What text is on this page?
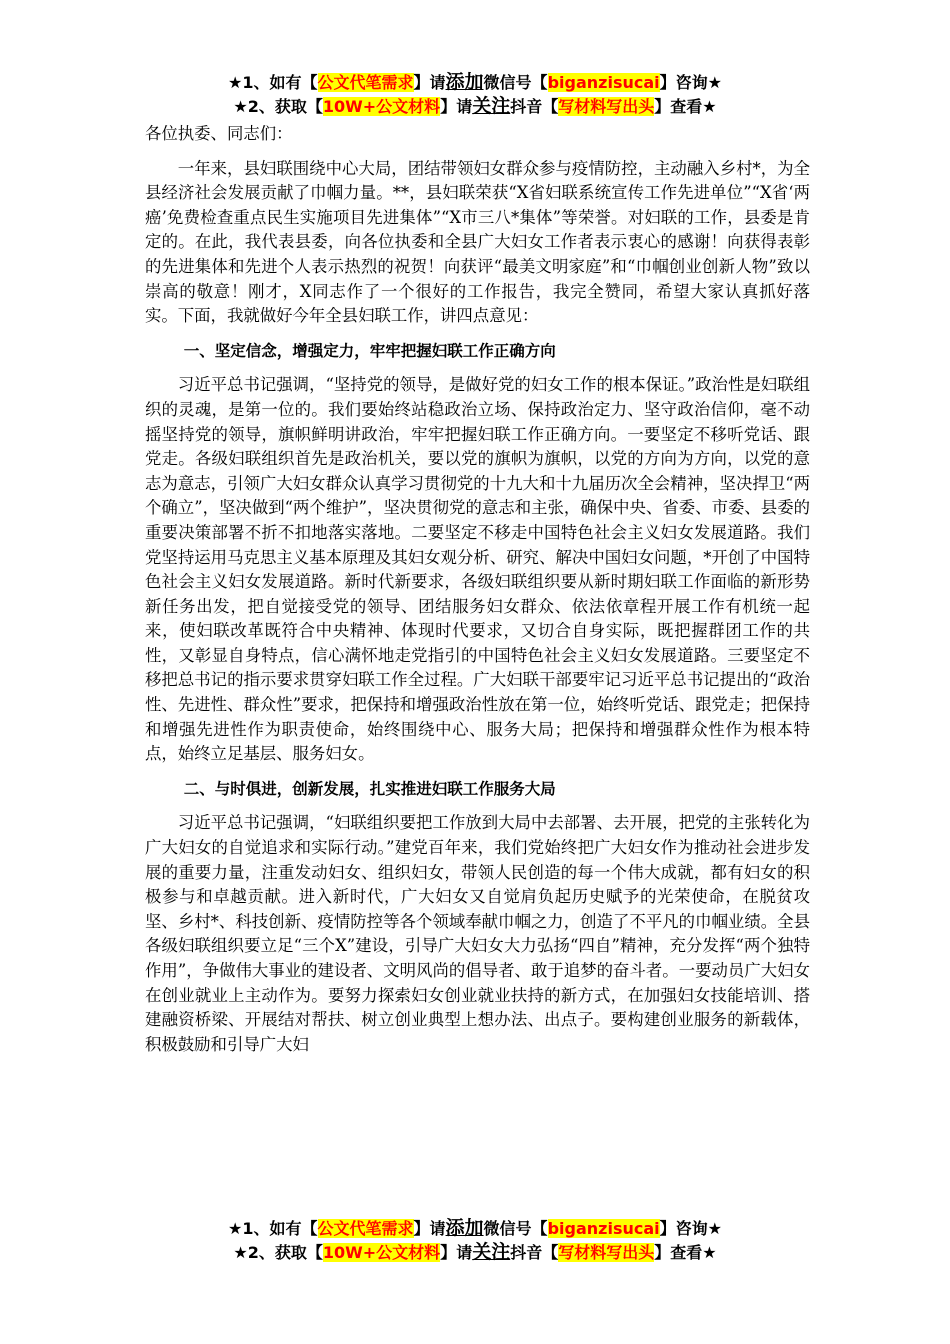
★1、如有【公文代笔需求】请添加微信号【biganzisucai】咨询★
★2、获取【10W+公文材料】请关注抖音【写材料写出头】查看★

各位执委、同志们：

一年来，县妇联围绕中心大局，团结带领妇女群众参与疫情防控，主动融入乡村*，为全县经济社会发展贡献了巾帼力量。**，县妇联荣获“X省妇联系统宣传工作先进单位”“X省‘两癌’免费检查重点民生实施项目先进集体”“X市三八*集体”等荣誉。对妇联的工作，县委是肯定的。在此，我代表县委，向各位执委和全县广大妇女工作者表示衷心的感谢！向获得表彰的先进集体和先进个人表示热烈的祝贺！向获评“最美文明家庭”和“巾帼创业创新人物”致以崇高的敬意！刚才，X同志作了一个很好的工作报告，我完全赞同，希望大家认真抓好落实。下面，我就做好今年全县妇联工作，讲四点意见：

一、坚定信念，增强定力，牢牢把握妇联工作正确方向

习近平总书记强调，“坚持党的领导，是做好党的妇女工作的根本保证。”政治性是妇联组织的灵魂，是第一位的。我们要始终站稳政治立场、保持政治定力、坚守政治信仰，毫不动摇坚持党的领导，旗帜鲜明讲政治，牢牢把握妇联工作正确方向。一要坚定不移听党话、跟党走。各级妇联组织首先是政治机关，要以党的旗帜为旗帜，以党的方向为方向，以党的意志为意志，引领广大妇女群众认真学习贯彻党的十九大和十九届历次全会精神，坚决捍卫“两个确立”，坚决做到“两个维护”，坚决贯彻党的意志和主张，确保中央、省委、市委、县委的重要决策部署不折不扣地落实落地。二要坚定不移走中国特色社会主义妇女发展道路。我们党坚持运用马克思主义基本原理及其妇女观分析、研究、解决中国妇女问题，*开创了中国特色社会主义妇女发展道路。新时代新要求，各级妇联组织要从新时期妇联工作面临的新形势新任务出发，把自觉接受党的领导、团结服务妇女群众、依法依章程开展工作有机统一起来，使妇联改革既符合中央精神、体现时代要求，又切合自身实际，既把握群团工作的共性，又彰显自身特点，信心满怀地走党指引的中国特色社会主义妇女发展道路。三要坚定不移把总书记的指示要求贯穿妇联工作全过程。广大妇联干部要牢记习近平总书记提出的“政治性、先进性、群众性”要求，把保持和增强政治性放在第一位，始终听党话、跟党走；把保持和增强先进性作为职责使命，始终围绕中心、服务大局；把保持和增强群众性作为根本特点，始终立足基层、服务妇女。

二、与时俱进，创新发展，扎实推进妇联工作服务大局

习近平总书记强调，“妇联组织要把工作放到大局中去部署、去开展，把党的主张转化为广大妇女的自觉追求和实际行动。”建党百年来，我们党始终把广大妇女作为推动社会进步发展的重要力量，注重发动妇女、组织妇女，带领人民创造的每一个伟大成就，都有妇女的积极参与和卓越贡献。进入新时代，广大妇女又自觉肩负起历史赋予的光荣使命，在脱贫攻坚、乡村*、科技创新、疫情防控等各个领域奉献巾帼之力，创造了不平凡的巾帼业绩。全县各级妇联组织要立足“三个X”建设，引导广大妇女大力弘扬“四自”精神，充分发挥“两个独特作用”，争做伟大事业的建设者、文明风尚的倡导者、敢于追梦的奋斗者。一要动员广大妇女在创业就业上主动作为。要努力探索妇女创业就业扶持的新方式，在加强妇女技能培训、搭建融资桥梁、开展结对帮扶、树立创业典型上想办法、出点子。要构建创业服务的新载体，积极鼓励和引导广大妇

★1、如有【公文代笔需求】请添加微信号【biganzisucai】咨询★
★2、获取【10W+公文材料】请关注抖音【写材料写出头】查看★
